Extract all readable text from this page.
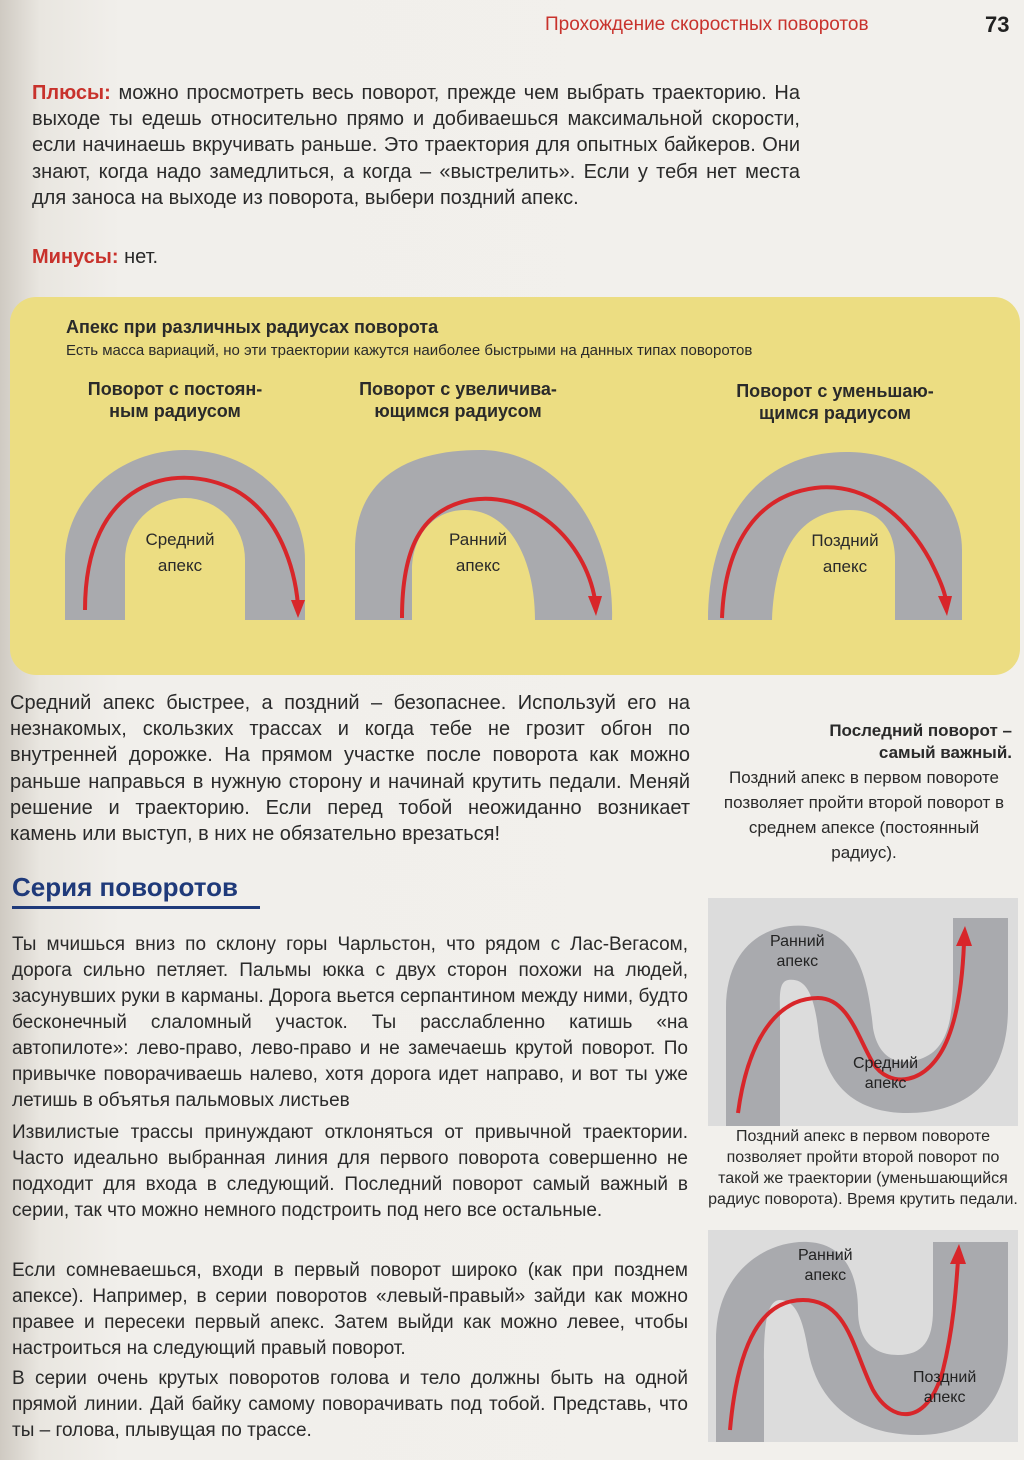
Прохождение скоростных поворотов	73
Плюсы: можно просмотреть весь поворот, прежде чем выбрать траекторию. На выходе ты едешь относительно прямо и добиваешься максимальной скорости, если начинаешь вкручивать раньше. Это траектория для опытных байкеров. Они знают, когда надо замедлиться, а когда – «выстрелить». Если у тебя нет места для заноса на выходе из поворота, выбери поздний апекс.
Минусы: нет.
Апекс при различных радиусах поворота
Есть масса вариаций, но эти траектории кажутся наиболее быстрыми на данных типах поворотов
Поворот с постоян-
ным радиусом
Поворот с увеличива-
ющимся радиусом
Поворот с уменьшаю-
щимся радиусом
Средний
апекс
Ранний
апекс
Поздний
апекс
Средний апекс быстрее, а поздний – безопаснее. Используй его на незнакомых, скользких трассах и когда тебе не грозит обгон по внутренней дорожке. На прямом участке после поворота как можно раньше направься в нужную сторону и начинай крутить педали. Меняй решение и траекторию. Если перед тобой неожиданно возникает камень или выступ, в них не обязательно врезаться!
Последний поворот –
самый важный.
Поздний апекс в первом повороте позволяет пройти второй поворот в среднем апексе (постоянный радиус).
Серия поворотов
Ты мчишься вниз по склону горы Чарльстон, что рядом с Лас-Вегасом, дорога сильно петляет. Пальмы юкка с двух сторон похожи на людей, засунувших руки в карманы. Дорога вьется серпантином между ними, будто бесконечный слаломный участок. Ты расслабленно катишь «на автопилоте»: лево-право, лево-право и не замечаешь крутой поворот. По привычке поворачиваешь налево, хотя дорога идет направо, и вот ты уже летишь в объятья пальмовых листьев
Извилистые трассы принуждают отклоняться от привычной траектории. Часто идеально выбранная линия для первого поворота совершенно не подходит для входа в следующий. Последний поворот самый важный в серии, так что можно немного подстроить под него все остальные.
Если сомневаешься, входи в первый поворот широко (как при позднем апексе). Например, в серии поворотов «левый-правый» зайди как можно правее и пересеки первый апекс. Затем выйди как можно левее, чтобы настроиться на следующий правый поворот.
В серии очень крутых поворотов голова и тело должны быть на одной прямой линии. Дай байку самому поворачивать под тобой. Представь, что ты – голова, плывущая по трассе.
Ранний
апекс
Средний
апекс
Поздний апекс в первом повороте позволяет пройти второй поворот по такой же траектории (уменьшающийся радиус поворота). Время крутить педали.
Ранний
апекс
Поздний
апекс
